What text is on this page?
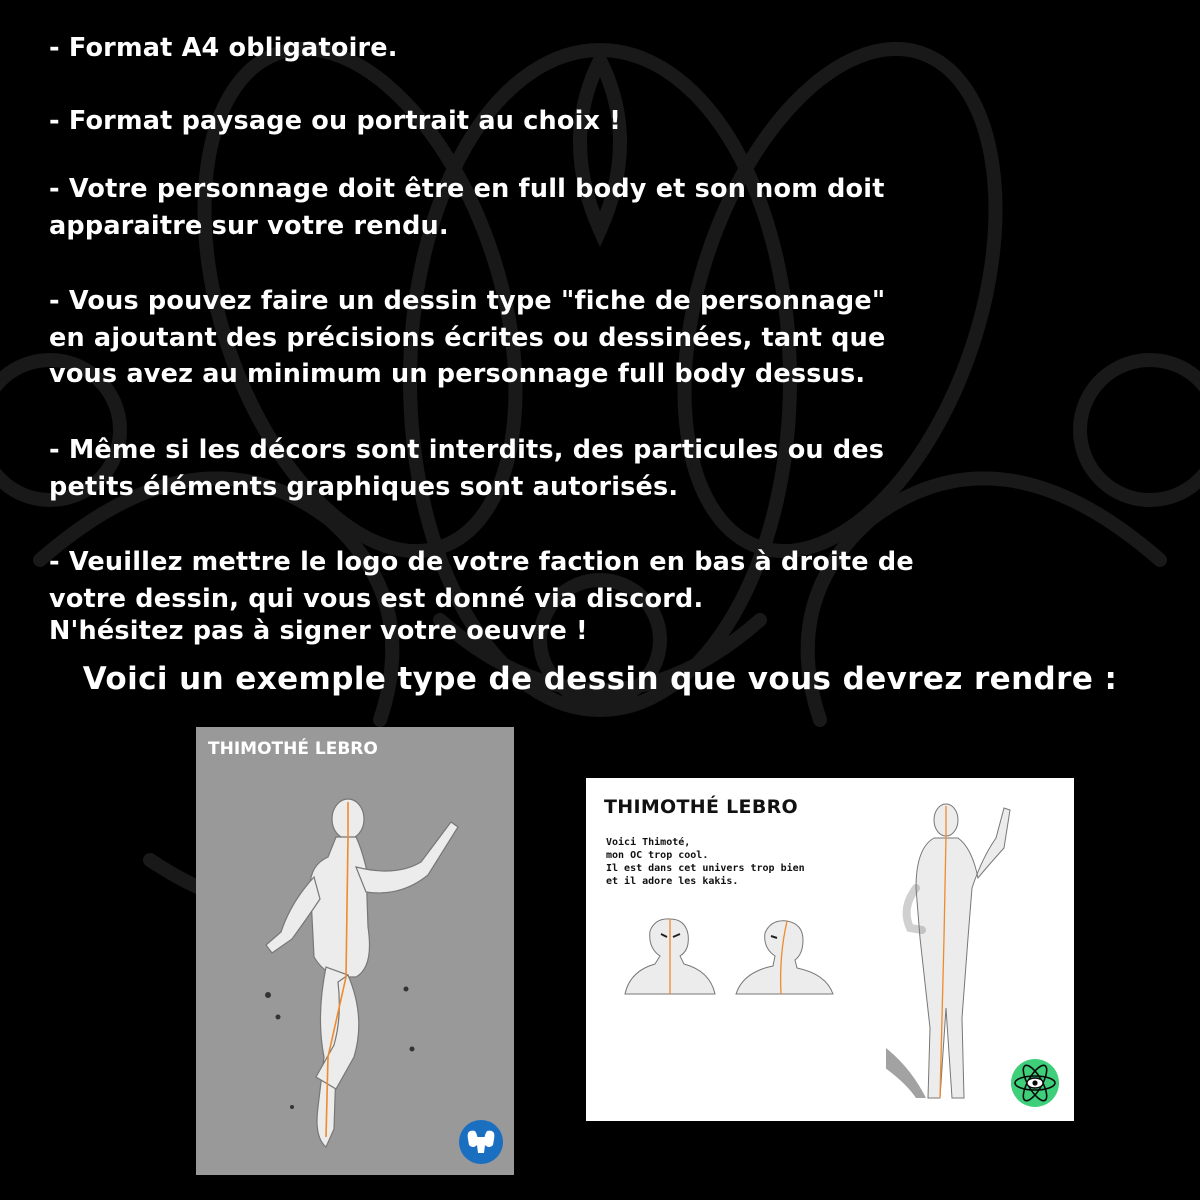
- Format A4 obligatoire.
- Format paysage ou portrait au choix !
- Votre personnage doit être en full body et son nom doit
apparaitre sur votre rendu.
- Vous pouvez faire un dessin type "fiche de personnage"
en ajoutant des précisions écrites ou dessinées, tant que
vous avez au minimum un personnage full body dessus.
- Même si les décors sont interdits, des particules ou des
petits éléments graphiques sont autorisés.
- Veuillez mettre le logo de votre faction en bas à droite de
votre dessin, qui vous est donné via discord.
N'hésitez pas à signer votre oeuvre !
Voici un exemple type de dessin que vous devrez rendre :
THIMOTHÉ LEBRO
THIMOTHÉ LEBRO
Voici Thimoté,
mon OC trop cool.
Il est dans cet univers trop bien
et il adore les kakis.
